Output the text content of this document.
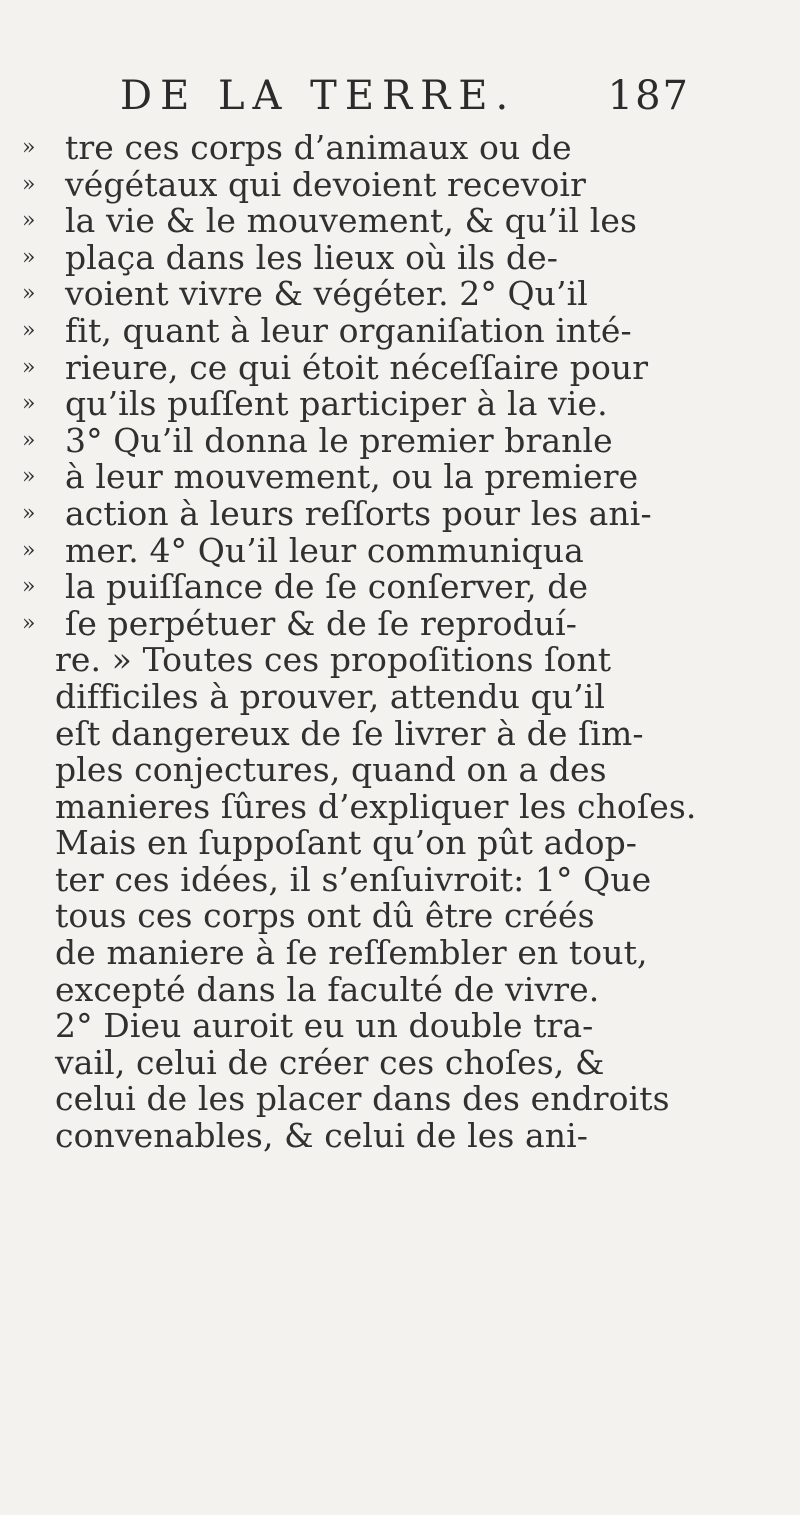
DE LA TERRE. 187
» tre ces corps d’animaux ou de
» végétaux qui devoient recevoir
» la vie & le mouvement, & qu’il les
» plaça dans les lieux où ils de-
» voient vivre & végéter. 2° Qu’il
» fit, quant à leur organiſation inté-
» rieure, ce qui étoit néceſſaire pour
» qu’ils puſſent participer à la vie.
» 3° Qu’il donna le premier branle
» à leur mouvement, ou la premiere
» action à leurs reſſorts pour les ani-
» mer. 4° Qu’il leur communiqua
» la puiſſance de ſe conſerver, de
» ſe perpétuer & de ſe reproduí-
re. » Toutes ces propoſitions ſont
difficiles à prouver, attendu qu’il
eſt dangereux de ſe livrer à de ſim-
ples conjectures, quand on a des
manieres ſûres d’expliquer les choſes.
Mais en ſuppoſant qu’on pût adop-
ter ces idées, il s’enſuivroit: 1° Que
tous ces corps ont dû être créés
de maniere à ſe reſſembler en tout,
excepté dans la faculté de vivre.
2° Dieu auroit eu un double tra-
vail, celui de créer ces choſes, &
celui de les placer dans des endroits
convenables, & celui de les ani-
